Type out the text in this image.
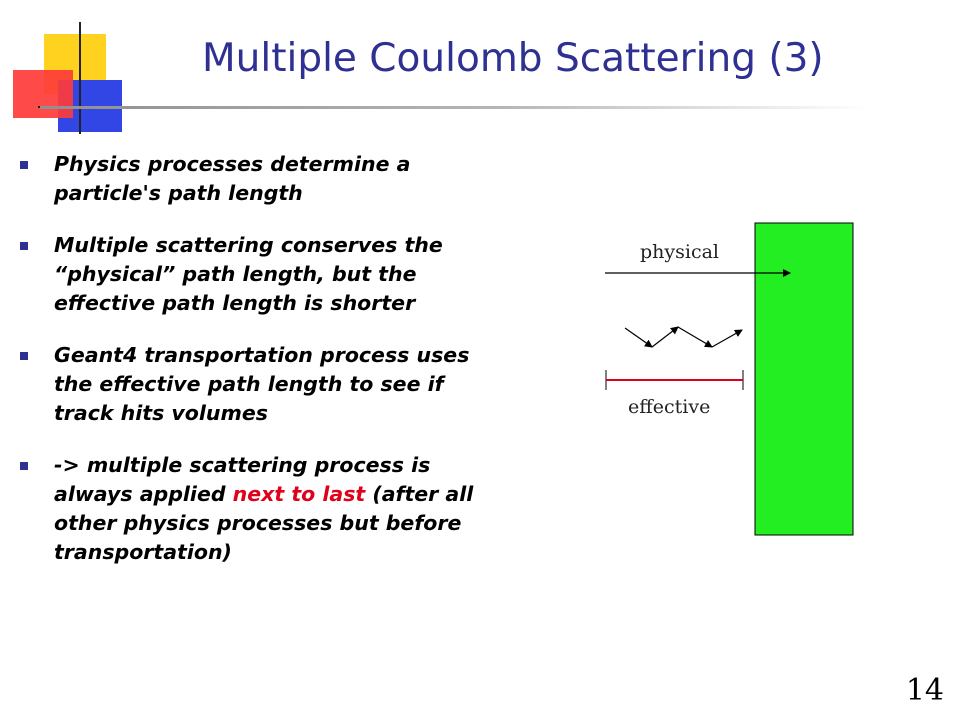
Multiple Coulomb Scattering (3)
Physics processes determine a particle's path length
Multiple scattering conserves the “physical” path length, but the effective path length is shorter
Geant4 transportation process uses the effective path length to see if track hits volumes
-> multiple scattering process is always applied next to last (after all other physics processes but before transportation)
physical
effective
14
